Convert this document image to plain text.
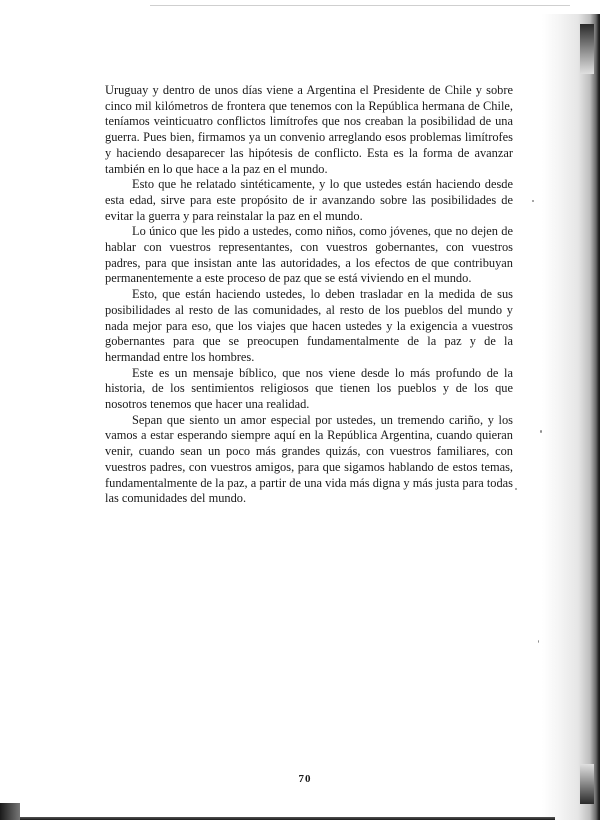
Uruguay y dentro de unos días viene a Argentina el Presidente de Chile y sobre cinco mil kilómetros de frontera que tenemos con la República hermana de Chile, teníamos veinticuatro conflictos limítrofes que nos creaban la posibilidad de una guerra. Pues bien, firmamos ya un convenio arreglando esos problemas limítrofes y haciendo desaparecer las hipótesis de conflicto. Esta es la forma de avanzar también en lo que hace a la paz en el mundo.

Esto que he relatado sintéticamente, y lo que ustedes están haciendo desde esta edad, sirve para este propósito de ir avanzando sobre las posibilidades de evitar la guerra y para reinstalar la paz en el mundo.

Lo único que les pido a ustedes, como niños, como jóvenes, que no dejen de hablar con vuestros representantes, con vuestros gobernantes, con vuestros padres, para que insistan ante las autoridades, a los efectos de que contribuyan permanentemente a este proceso de paz que se está viviendo en el mundo.

Esto, que están haciendo ustedes, lo deben trasladar en la medida de sus posibilidades al resto de las comunidades, al resto de los pueblos del mundo y nada mejor para eso, que los viajes que hacen ustedes y la exigencia a vuestros gobernantes para que se preocupen fundamentalmente de la paz y de la hermandad entre los hombres.

Este es un mensaje bíblico, que nos viene desde lo más profundo de la historia, de los sentimientos religiosos que tienen los pueblos y de los que nosotros tenemos que hacer una realidad.

Sepan que siento un amor especial por ustedes, un tremendo cariño, y los vamos a estar esperando siempre aquí en la República Argentina, cuando quieran venir, cuando sean un poco más grandes quizás, con vuestros familiares, con vuestros padres, con vuestros amigos, para que sigamos hablando de estos temas, fundamentalmente de la paz, a partir de una vida más digna y más justa para todas las comunidades del mundo.

70
